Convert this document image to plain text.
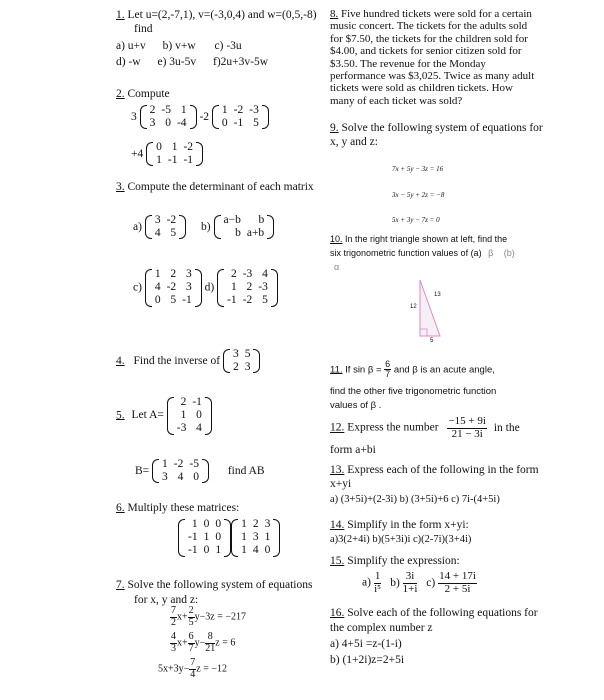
1. Let u=(2,-7,1), v=(-3,0,4) and w=(0,5,-8)
find
a) u+v b) v+w c) -3u
d) -w e) 3u-5v f)2u+3v-5w
2. Compute
3
2	-5	1
3	0	-4
-2
1	-2	-3
0	-1	5
+4
0	1	-2
1	-1	-1
3. Compute the determinant of each matrix
a)
3	-2
4	5
b)
a−b	b
b	a+b
c)
1	2	3
4	-2	3
0	5	-1
d)
2	-3	4
1	2	-3
-1	-2	5
4. Find the inverse of
3	5
2	3
5. Let A=
2	-1
1	0
-3	4
B=
1	-2	-5
3	4	0
find AB
6. Multiply these matrices:
1	0	0
-1	1	0
-1	0	1
1	2	3
1	3	1
1	4	0
7. Solve the following system of equations
for x, y and z:
$\frac{7}{2} x+ \frac{2}{5} y-3z = -217$
$\frac{4}{3} x+ \frac{6}{7} y- \frac{8}{21}$ z = 6
$5x+3y- \frac{7}{4}$ z = −12
8. Five hundred tickets were sold for a certain
music concert. The tickets for the adults sold
for $7.50, the tickets for the children sold for
$4.00, and tickets for senior citizen sold for
$3.50. The revenue for the Monday
performance was $3,025. Twice as many adult
tickets were sold as children tickets. How
many of each ticket was sold?
9. Solve the following system of equations for
x, y and z:
7x + 5y − 3z = 16
3x − 5y + 2z = −8
5x + 3y − 7z = 0
10. In the right triangle shown at left, find the
six trigonometric function values of (a) β (b)
α
12
13
5
11. If $\sin \beta = \frac{6}{7}$ and β is an acute angle,
find the other five trigonometric function
values of β .
12. Express the number $\frac{-15 + 9i}{21 - 3i}$ in the
form a+bi
13. Express each of the following in the form
x+yi
a) (3+5i)+(2-3i) b) (3+5i)+6 c) 7i-(4+5i)
14. Simplify in the form x+yi:
a)3(2+4i) b)(5+3i)i c)(2-7i)(3+4i)
15. Simplify the expression:
$a) \frac{1}{\text{i⁵}} b) \frac{3i}{1+i} c) \frac{14 + 17i}{2 + 5i}$
16. Solve each of the following equations for
the complex number z
a) 4+5i =z-(1-i)
b) (1+2i)z=2+5i
